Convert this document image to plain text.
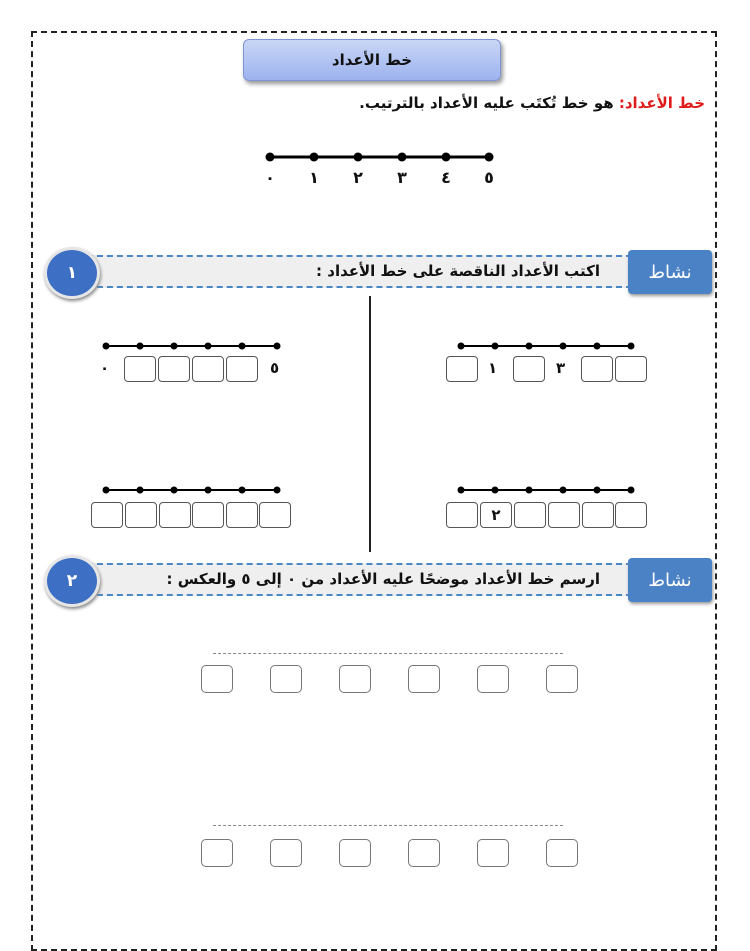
خط الأعداد
خط الأعداد: هو خط تُكتَب عليه الأعداد بالترتيب.
٠	١	٢	٣	٤	٥
اكتب الأعداد الناقصة على خط الأعداد :
١	نشاط
١	٣
٠	٥
٢
ارسم خط الأعداد موضحًا عليه الأعداد من ٠ إلى ٥ والعكس :
٢	نشاط
